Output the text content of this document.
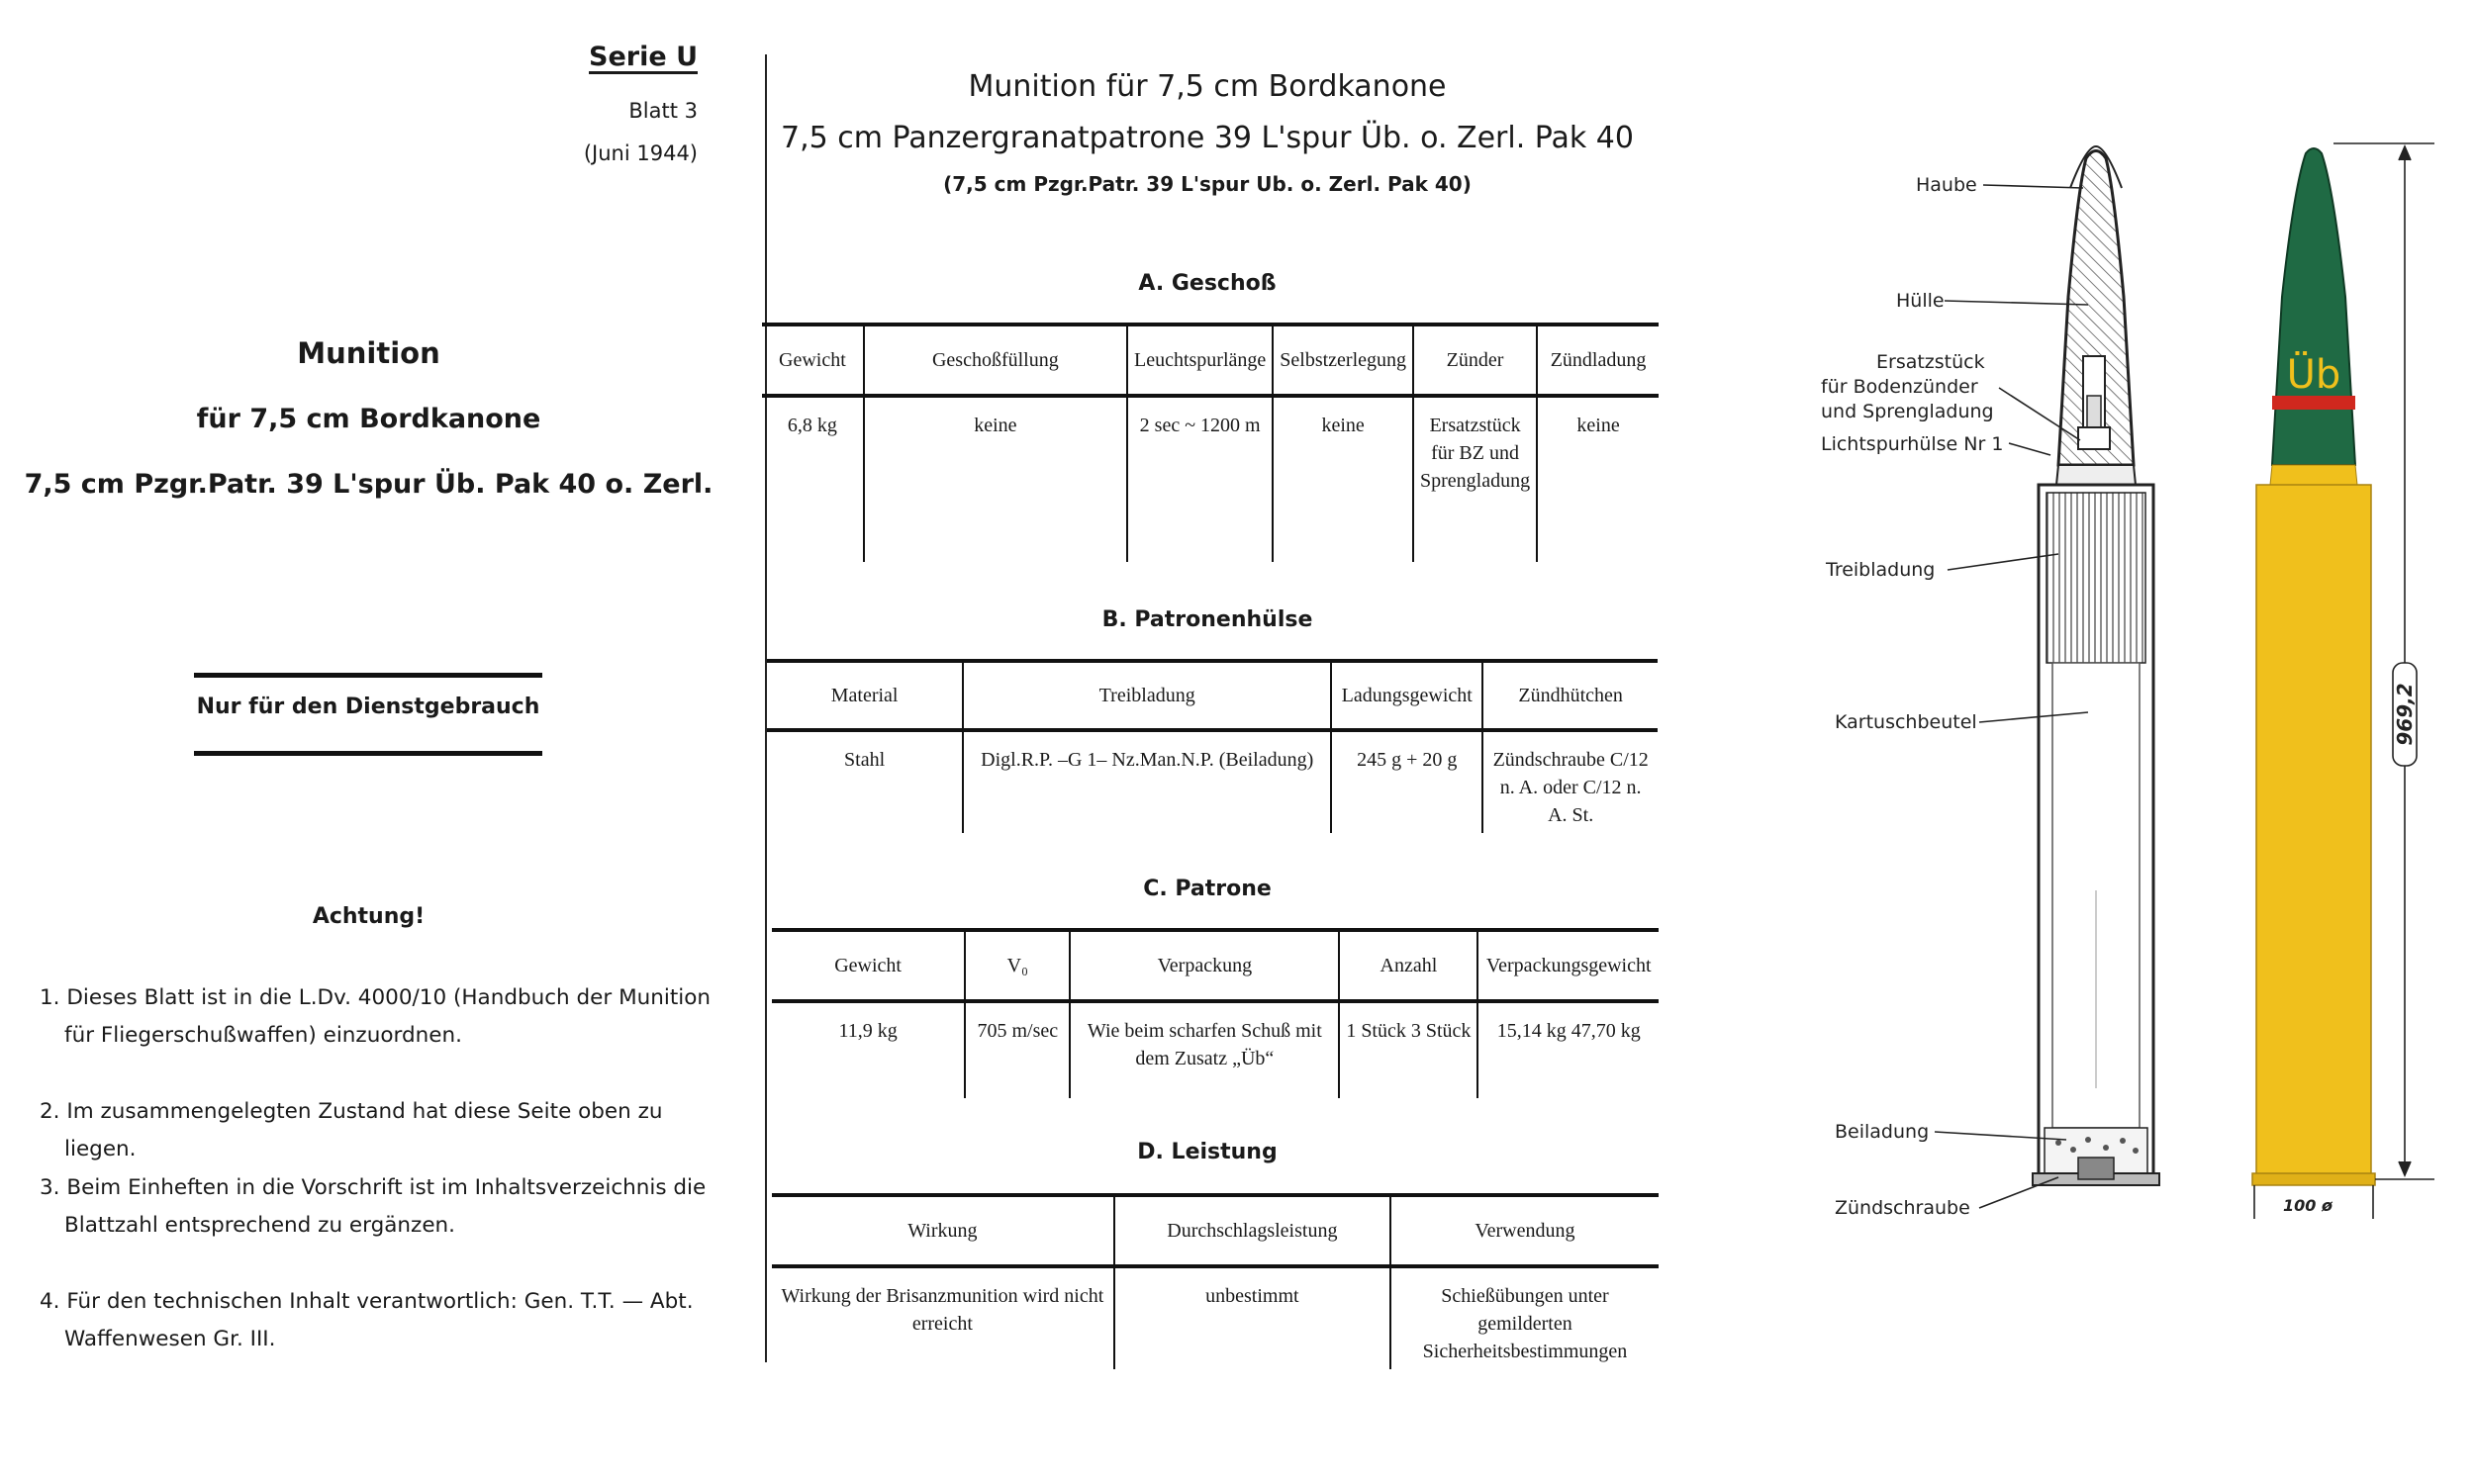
Serie U
Blatt 3
(Juni 1944)
Munition
für 7,5 cm Bordkanone
7,5 cm Pzgr.Patr. 39 L'spur Üb. Pak 40 o. Zerl.
Nur für den Dienstgebrauch
Achtung!
1. Dieses Blatt ist in die L.Dv. 4000/10 (Handbuch der Munition für Fliegerschußwaffen) einzuordnen.
2. Im zusammengelegten Zustand hat diese Seite oben zu liegen.
3. Beim Einheften in die Vorschrift ist im Inhaltsverzeichnis die Blattzahl entsprechend zu ergänzen.
4. Für den technischen Inhalt verantwortlich: Gen. T.T. — Abt. Waffenwesen Gr. III.
Munition für 7,5 cm Bordkanone
7,5 cm Panzergranatpatrone 39 L'spur Üb. o. Zerl. Pak 40
(7,5 cm Pzgr.Patr. 39 L'spur Ub. o. Zerl. Pak 40)
A. Geschoß
Gewicht	Geschoßfüllung	Leuchtspurlänge	Selbstzerlegung	Zünder	Zündladung
6,8 kg	keine	2 sec ~ 1200 m	keine	Ersatzstück für BZ und Sprengladung	keine
B. Patronenhülse
Material	Treibladung	Ladungsgewicht	Zündhütchen
Stahl	Digl.R.P. –G 1– Nz.Man.N.P. (Beiladung)	245 g + 20 g	Zündschraube C/12 n. A. oder C/12 n. A. St.
C. Patrone
Gewicht	V₀	Verpackung	Anzahl	Verpackungsgewicht
11,9 kg	705 m/sec	Wie beim scharfen Schuß mit dem Zusatz „Üb“	1 Stück 3 Stück	15,14 kg 47,70 kg
D. Leistung
Wirkung	Durchschlagsleistung	Verwendung
Wirkung der Brisanzmunition wird nicht erreicht	unbestimmt	Schießübungen unter gemilderten Sicherheitsbestimmungen
Haube
Hülle
Ersatzstück
für Bodenzünder
und Sprengladung
Lichtspurhülse Nr 1
Treibladung
Kartuschbeutel
Beiladung
Zündschraube
Üb
969,2
100 ø
